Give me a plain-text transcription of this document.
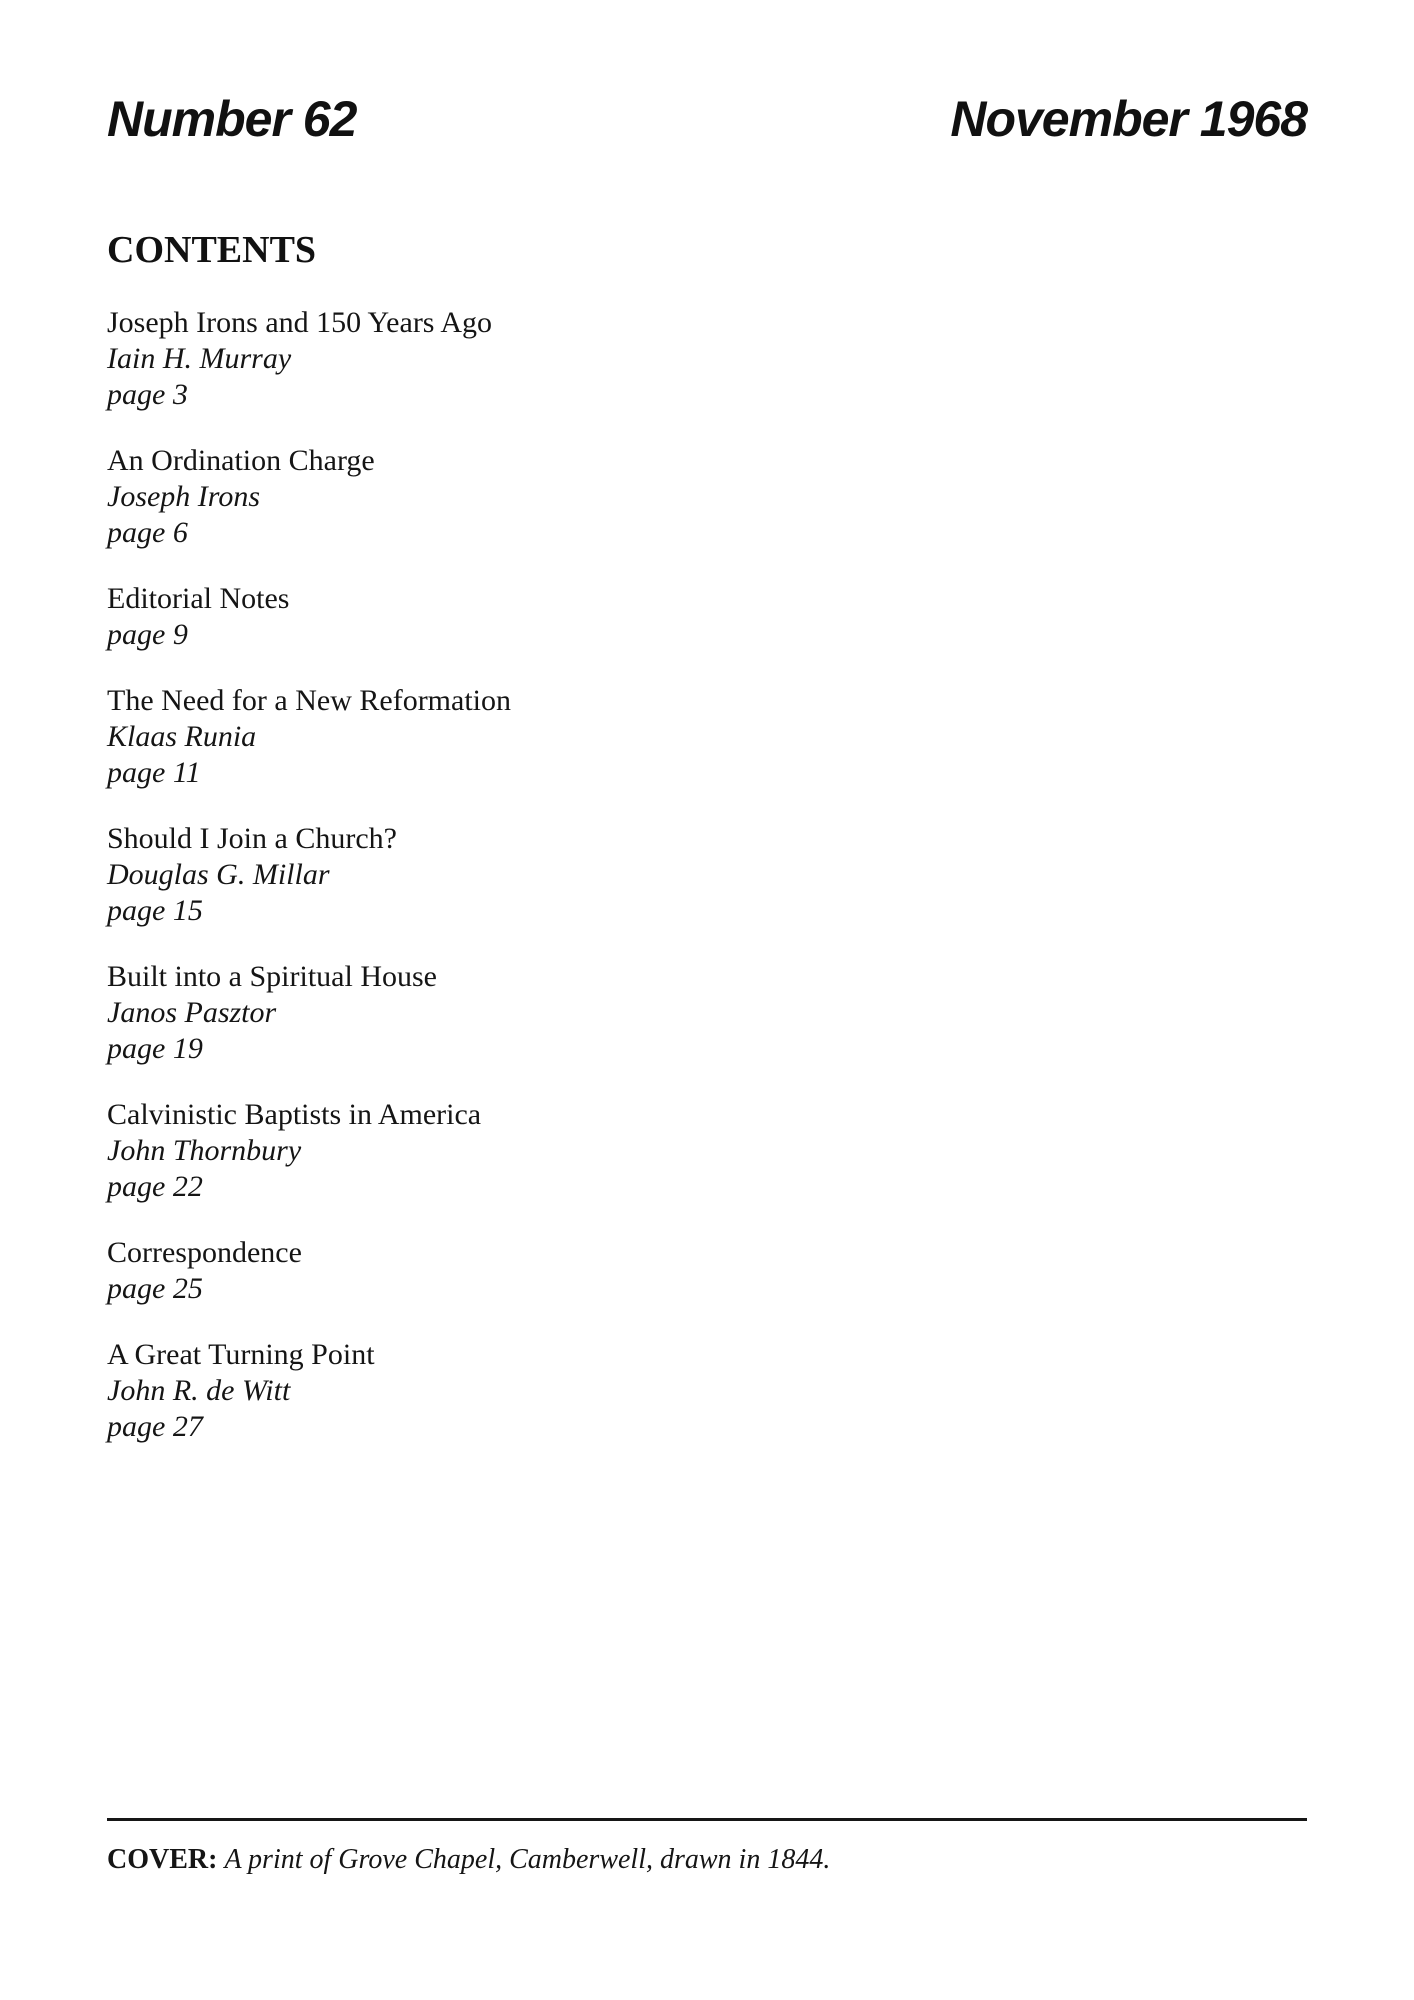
Number 62	November 1968
CONTENTS
Joseph Irons and 150 Years Ago
Iain H. Murray
page 3
An Ordination Charge
Joseph Irons
page 6
Editorial Notes
page 9
The Need for a New Reformation
Klaas Runia
page 11
Should I Join a Church?
Douglas G. Millar
page 15
Built into a Spiritual House
Janos Pasztor
page 19
Calvinistic Baptists in America
John Thornbury
page 22
Correspondence
page 25
A Great Turning Point
John R. de Witt
page 27
COVER: A print of Grove Chapel, Camberwell, drawn in 1844.
